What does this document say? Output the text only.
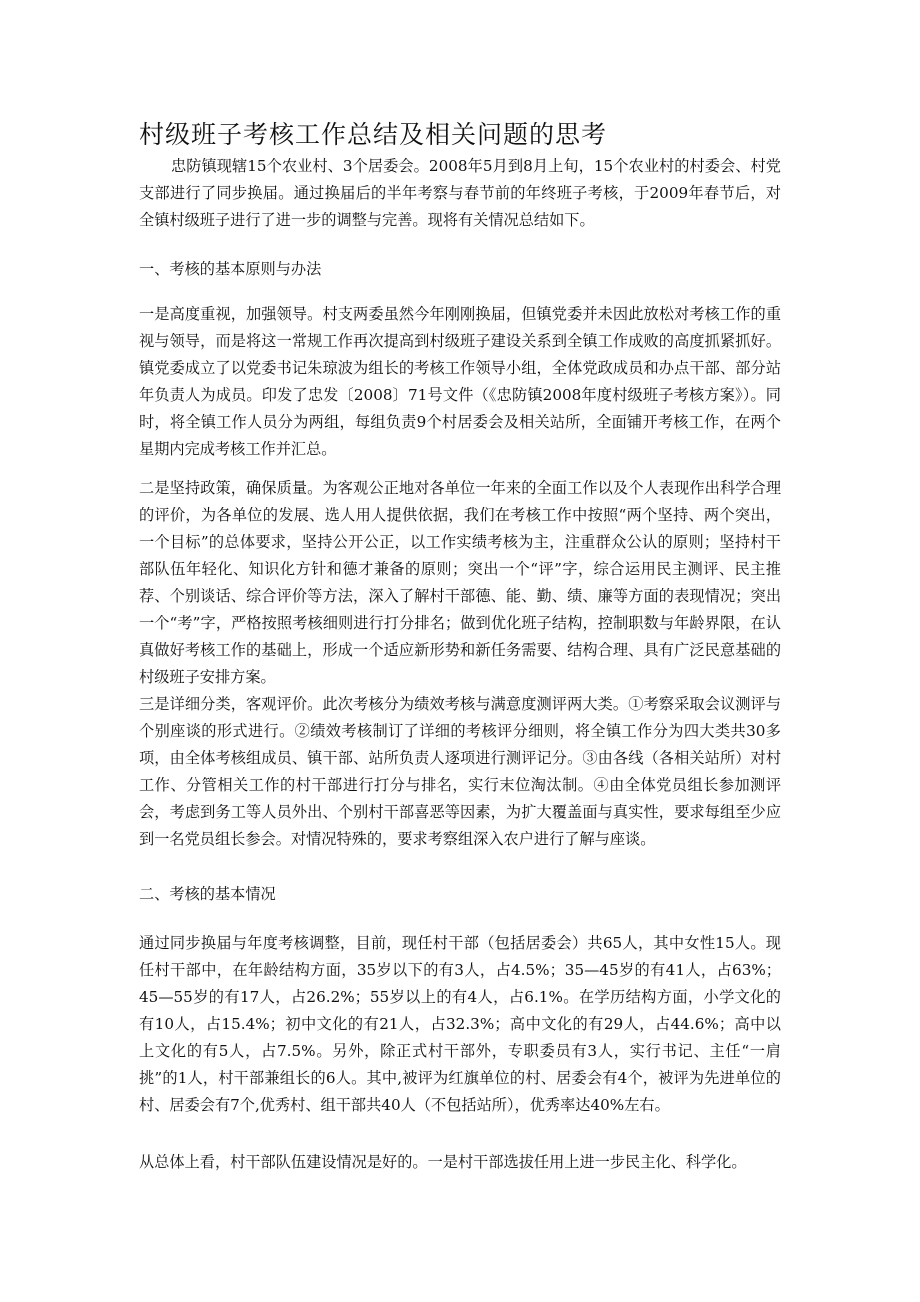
村级班子考核工作总结及相关问题的思考

忠防镇现辖15个农业村、3个居委会。2008年5月到8月上旬，15个农业村的村委会、村党支部进行了同步换届。通过换届后的半年考察与春节前的年终班子考核，于2009年春节后，对全镇村级班子进行了进一步的调整与完善。现将有关情况总结如下。

一、考核的基本原则与办法

一是高度重视，加强领导。村支两委虽然今年刚刚换届，但镇党委并未因此放松对考核工作的重视与领导，而是将这一常规工作再次提高到村级班子建设关系到全镇工作成败的高度抓紧抓好。镇党委成立了以党委书记朱琼波为组长的考核工作领导小组，全体党政成员和办点干部、部分站年负责人为成员。印发了忠发〔2008〕71号文件（《忠防镇2008年度村级班子考核方案》）。同时，将全镇工作人员分为两组，每组负责9个村居委会及相关站所，全面铺开考核工作，在两个星期内完成考核工作并汇总。

二是坚持政策，确保质量。为客观公正地对各单位一年来的全面工作以及个人表现作出科学合理的评价，为各单位的发展、选人用人提供依据，我们在考核工作中按照“两个坚持、两个突出，一个目标”的总体要求，坚持公开公正，以工作实绩考核为主，注重群众公认的原则；坚持村干部队伍年轻化、知识化方针和德才兼备的原则；突出一个“评”字，综合运用民主测评、民主推荐、个别谈话、综合评价等方法，深入了解村干部德、能、勤、绩、廉等方面的表现情况；突出一个“考”字，严格按照考核细则进行打分排名；做到优化班子结构，控制职数与年龄界限，在认真做好考核工作的基础上，形成一个适应新形势和新任务需要、结构合理、具有广泛民意基础的村级班子安排方案。

三是详细分类，客观评价。此次考核分为绩效考核与满意度测评两大类。①考察采取会议测评与个别座谈的形式进行。②绩效考核制订了详细的考核评分细则，将全镇工作分为四大类共30多项，由全体考核组成员、镇干部、站所负责人逐项进行测评记分。③由各线（各相关站所）对村工作、分管相关工作的村干部进行打分与排名，实行末位淘汰制。④由全体党员组长参加测评会，考虑到务工等人员外出、个别村干部喜恶等因素，为扩大覆盖面与真实性，要求每组至少应到一名党员组长参会。对情况特殊的，要求考察组深入农户进行了解与座谈。

二、考核的基本情况

通过同步换届与年度考核调整，目前，现任村干部（包括居委会）共65人，其中女性15人。现任村干部中，在年龄结构方面，35岁以下的有3人，占4.5%；35—45岁的有41人，占63%；45—55岁的有17人，占26.2%；55岁以上的有4人，占6.1%。在学历结构方面，小学文化的有10人，占15.4%；初中文化的有21人，占32.3%；高中文化的有29人，占44.6%；高中以上文化的有5人，占7.5%。另外，除正式村干部外，专职委员有3人，实行书记、主任“一肩挑”的1人，村干部兼组长的6人。其中,被评为红旗单位的村、居委会有4个，被评为先进单位的村、居委会有7个,优秀村、组干部共40人（不包括站所），优秀率达40%左右。

从总体上看，村干部队伍建设情况是好的。一是村干部选拔任用上进一步民主化、科学化。
